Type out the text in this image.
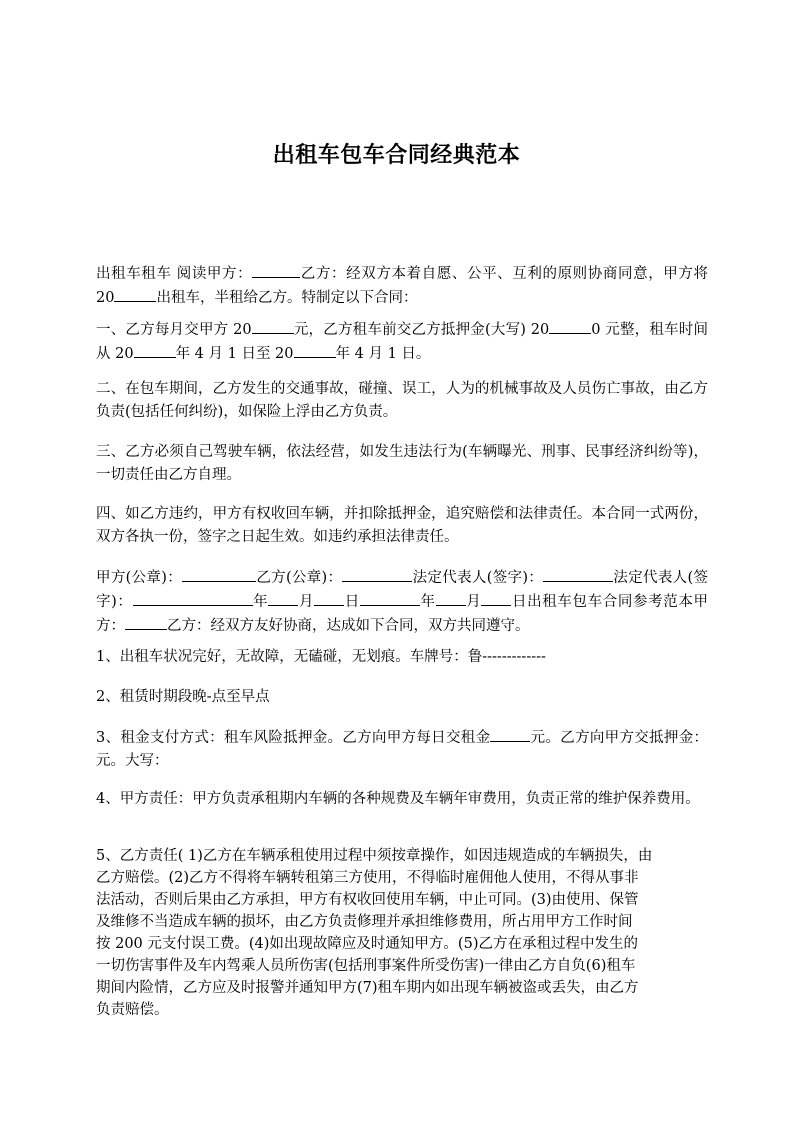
出租车包车合同经典范本
出租车租车 阅读甲方：	乙方：经双方本着自愿、公平、互利的原则协商同意，甲方将 20	出租车，半租给乙方。特制定以下合同：
一、乙方每月交甲方 20	元，乙方租车前交乙方抵押金(大写) 20	0 元整，租车时间从 20	年 4 月 1 日至 20	年 4 月 1 日。
二、在包车期间，乙方发生的交通事故，碰撞、误工，人为的机械事故及人员伤亡事故，由乙方负责(包括任何纠纷)，如保险上浮由乙方负责。
三、乙方必须自己驾驶车辆，依法经营，如发生违法行为(车辆曝光、刑事、民事经济纠纷等)，一切责任由乙方自理。
四、如乙方违约，甲方有权收回车辆，并扣除抵押金，追究赔偿和法律责任。本合同一式两份，双方各执一份，签字之日起生效。如违约承担法律责任。
甲方(公章)：	乙方(公章)：	法定代表人(签字)：	法定代表人(签字)：	年 月 日	年 月 日出租车包车合同参考范本甲方：	乙方：经双方友好协商，达成如下合同，双方共同遵守。
1、出租车状况完好，无故障，无磕碰，无划痕。车牌号：鲁-------------
2、租赁时期段晚-点至早点
3、租金支付方式：租车风险抵押金。乙方向甲方每日交租金	元。乙方向甲方交抵押金：元。大写：
4、甲方责任：甲方负责承租期内车辆的各种规费及车辆年审费用，负责正常的维护保养费用。
5、乙方责任( 1)乙方在车辆承租使用过程中须按章操作，如因违规造成的车辆损失，由
乙方赔偿。(2)乙方不得将车辆转租第三方使用，不得临时雇佣他人使用，不得从事非
法活动，否则后果由乙方承担，甲方有权收回使用车辆，中止可同。(3)由使用、保管
及维修不当造成车辆的损坏，由乙方负责修理并承担维修费用，所占用甲方工作时间
按 200 元支付误工费。(4)如出现故障应及时通知甲方。(5)乙方在承租过程中发生的
一切伤害事件及车内驾乘人员所伤害(包括刑事案件所受伤害)一律由乙方自负(6)租车
期间内险情，乙方应及时报警并通知甲方(7)租车期内如出现车辆被盗或丢失，由乙方
负责赔偿。
